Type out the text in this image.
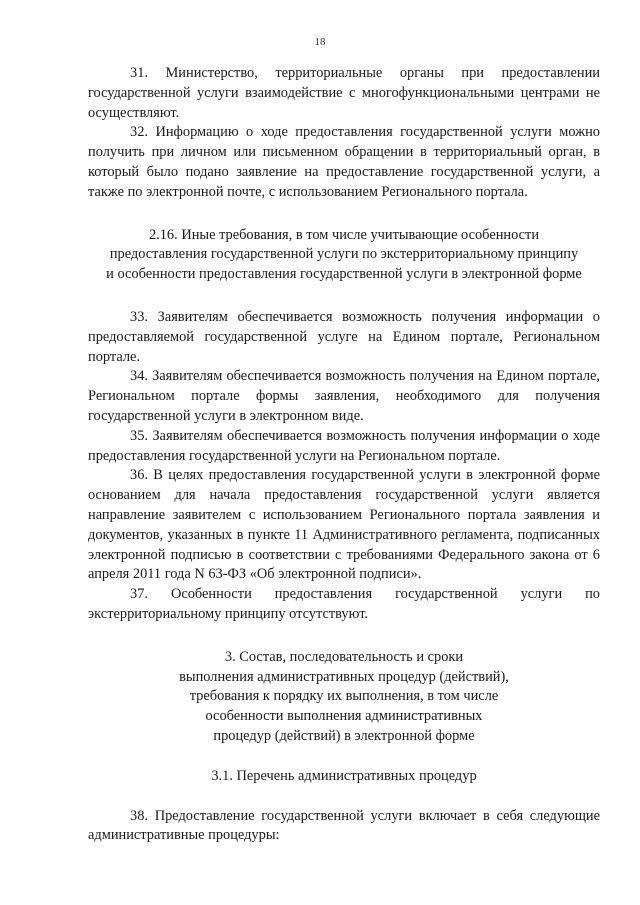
18

31. Министерство, территориальные органы при предоставлении государственной услуги взаимодействие с многофункциональными центрами не осуществляют.

32. Информацию о ходе предоставления государственной услуги можно получить при личном или письменном обращении в территориальный орган, в который было подано заявление на предоставление государственной услуги, а также по электронной почте, с использованием Регионального портала.

2.16. Иные требования, в том числе учитывающие особенности

предоставления государственной услуги по экстерриториальному принципу

и особенности предоставления государственной услуги в электронной форме

33. Заявителям обеспечивается возможность получения информации о предоставляемой государственной услуге на Едином портале, Региональном портале.

34. Заявителям обеспечивается возможность получения на Едином портале, Региональном портале формы заявления, необходимого для получения государственной услуги в электронном виде.

35. Заявителям обеспечивается возможность получения информации о ходе предоставления государственной услуги на Региональном портале.

36. В целях предоставления государственной услуги в электронной форме основанием для начала предоставления государственной услуги является направление заявителем с использованием Регионального портала заявления и документов, указанных в пункте 11 Административного регламента, подписанных электронной подписью в соответствии с требованиями Федерального закона от 6 апреля 2011 года N 63-ФЗ «Об электронной подписи».

37. Особенности предоставления государственной услуги по экстерриториальному принципу отсутствуют.

3. Состав, последовательность и сроки

выполнения административных процедур (действий),

требования к порядку их выполнения, в том числе

особенности выполнения административных

процедур (действий) в электронной форме

3.1. Перечень административных процедур

38. Предоставление государственной услуги включает в себя следующие административные процедуры:
